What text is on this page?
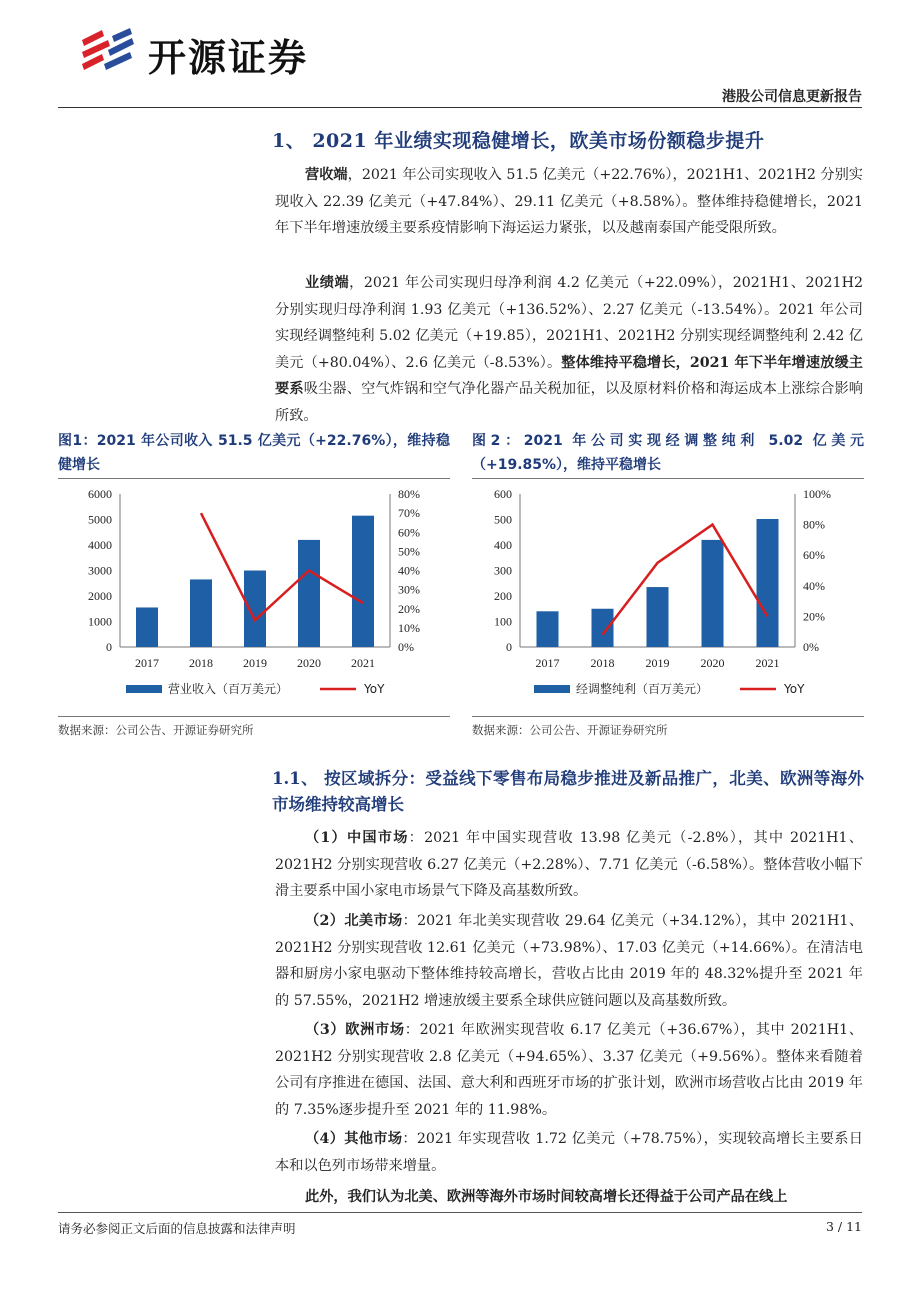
开源证券
港股公司信息更新报告
1、 2021 年业绩实现稳健增长，欧美市场份额稳步提升
营收端，2021 年公司实现收入 51.5 亿美元（+22.76%），2021H1、2021H2 分别实现收入 22.39 亿美元（+47.84%）、29.11 亿美元（+8.58%）。整体维持稳健增长，2021 年下半年增速放缓主要系疫情影响下海运运力紧张，以及越南泰国产能受限所致。
业绩端，2021 年公司实现归母净利润 4.2 亿美元（+22.09%），2021H1、2021H2 分别实现归母净利润 1.93 亿美元（+136.52%）、2.27 亿美元（-13.54%）。2021 年公司实现经调整纯利 5.02 亿美元（+19.85），2021H1、2021H2 分别实现经调整纯利 2.42 亿美元（+80.04%）、2.6 亿美元（-8.53%）。整体维持平稳增长，2021 年下半年增速放缓主要系吸尘器、空气炸锅和空气净化器产品关税加征，以及原材料价格和海运成本上涨综合影响所致。
图1：2021 年公司收入 51.5 亿美元（+22.76%），维持稳健增长
图2：2021 年公司实现经调整纯利 5.02 亿美元（+19.85%），维持平稳增长
6000
5000
4000
3000
2000
1000
0
80%
70%
60%
50%
40%
30%
20%
10%
0%
2017	2018	2019	2020	2021
营业收入（百万美元）	YoY
600
500
400
300
200
100
0
100%
80%
60%
40%
20%
0%
2017	2018	2019	2020	2021
经调整纯利（百万美元）	YoY
数据来源：公司公告、开源证券研究所	数据来源：公司公告、开源证券研究所
1.1、 按区域拆分：受益线下零售布局稳步推进及新品推广，北美、欧洲等海外市场维持较高增长
（1）中国市场：2021 年中国实现营收 13.98 亿美元（-2.8%），其中 2021H1、2021H2 分别实现营收 6.27 亿美元（+2.28%）、7.71 亿美元（-6.58%）。整体营收小幅下滑主要系中国小家电市场景气下降及高基数所致。
（2）北美市场：2021 年北美实现营收 29.64 亿美元（+34.12%），其中 2021H1、2021H2 分别实现营收 12.61 亿美元（+73.98%）、17.03 亿美元（+14.66%）。在清洁电器和厨房小家电驱动下整体维持较高增长，营收占比由 2019 年的 48.32%提升至 2021 年的 57.55%，2021H2 增速放缓主要系全球供应链问题以及高基数所致。
（3）欧洲市场：2021 年欧洲实现营收 6.17 亿美元（+36.67%），其中 2021H1、2021H2 分别实现营收 2.8 亿美元（+94.65%）、3.37 亿美元（+9.56%）。整体来看随着公司有序推进在德国、法国、意大利和西班牙市场的扩张计划，欧洲市场营收占比由 2019 年的 7.35%逐步提升至 2021 年的 11.98%。
（4）其他市场：2021 年实现营收 1.72 亿美元（+78.75%），实现较高增长主要系日本和以色列市场带来增量。
此外，我们认为北美、欧洲等海外市场时间较高增长还得益于公司产品在线上
请务必参阅正文后面的信息披露和法律声明	3 / 11
